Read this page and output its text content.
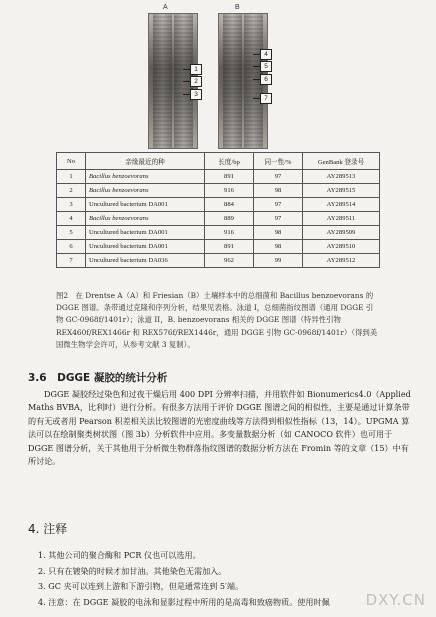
A	B
1
2
3
4
5
6
7
No	亲缘最近的种	长度/bp	同一性/%	GenBank 登录号
1	Bacillus benzoevorans	891	97	AY289513
2	Bacillus benzoevorans	916	98	AY289515
3	Uncultured bacterium DA001	884	97	AY289514
4	Bacillus benzoevorans	889	97	AY289511
5	Uncultured bacterium DA001	916	98	AY289509
6	Uncultured bacterium DA001	891	98	AY289510
7	Uncultured bacterium DA036	962	99	AY289512
图2　在 Drentse A（A）和 Friesian（B）土壤样本中的总细菌和 Bacillus benzoevorans 的 DGGE 图谱。条带通过克隆和序列分析，结果见表格。泳道 I，总细菌指纹图谱（通用 DGGE 引物 GC-0968f/1401r）；泳道 II，B. benzoevorans 相关的 DGGE 图谱（特异性引物 REX460f/REX1466r 和 REX576f/REX1446r，通用 DGGE 引物 GC-0968f/1401r）（得到美国微生物学会许可，从参考文献 3 复制）。
3.6　DGGE 凝胶的统计分析
DGGE 凝胶经过染色和过夜干燥后用 400 DPI 分辨率扫描，并用软件如 Bionumerics4.0（Applied Maths BVBA，比利时）进行分析。有很多方法用于评价 DGGE 图谱之间的相似性，主要是通过计算条带的有无或者用 Pearson 积差相关法比较图谱的光密度曲线等方法得到相似性指标（13，14）。UPGMA 算法可以在绘制聚类树状图（图 3b）分析软件中应用。多变量数据分析（如 CANOCO 软件）也可用于 DGGE 图谱分析，关于其他用于分析微生物群落指纹图谱的数据分析方法在 Fromin 等的文章（15）中有所讨论。
4. 注释
1. 其他公司的聚合酶和 PCR 仪也可以选用。
2. 只有在镀染的时候才加甘油。其他染色无需加入。
3. GC 夹可以连到上游和下游引物，但是通常连到 5′端。
4. 注意：在 DGGE 凝胶的电泳和显影过程中所用的是高毒和致癌物质。使用时佩	DXY.CN
